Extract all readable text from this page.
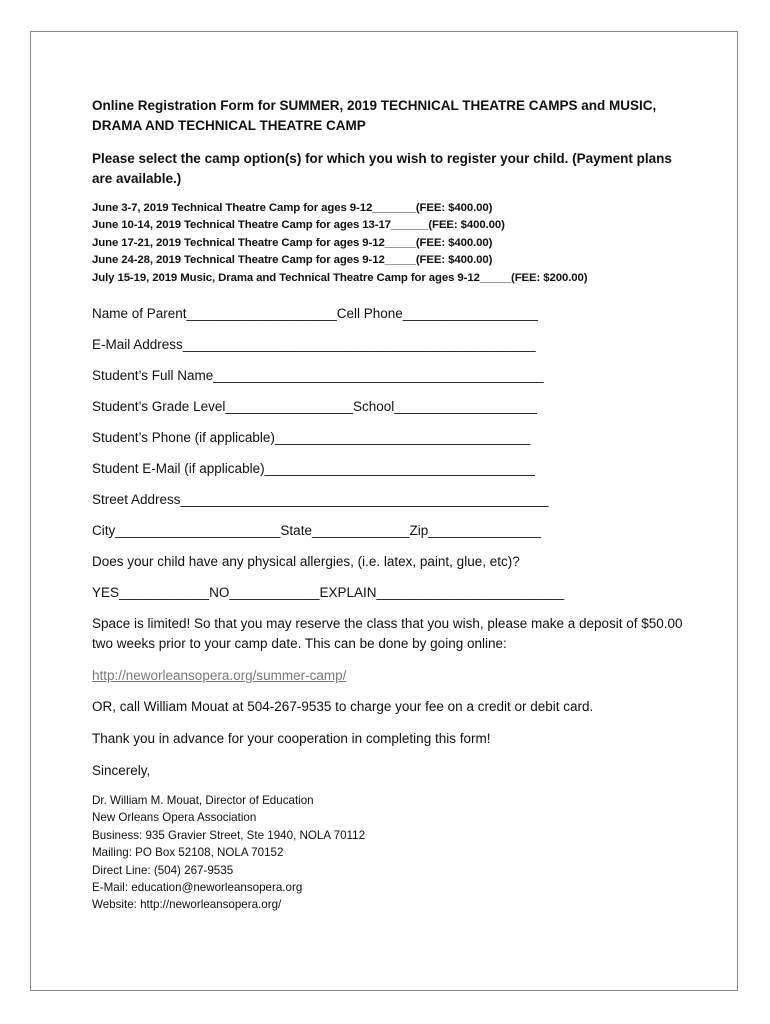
Online Registration Form for SUMMER, 2019 TECHNICAL THEATRE CAMPS and MUSIC,
DRAMA AND TECHNICAL THEATRE CAMP

Please select the camp option(s) for which you wish to register your child. (Payment plans are available.)

June 3-7, 2019 Technical Theatre Camp for ages 9-12_______(FEE: $400.00)
June 10-14, 2019 Technical Theatre Camp for ages 13-17______(FEE: $400.00)
June 17-21, 2019 Technical Theatre Camp for ages 9-12_____(FEE: $400.00)
June 24-28, 2019 Technical Theatre Camp for ages 9-12_____(FEE: $400.00)
July 15-19, 2019 Music, Drama and Technical Theatre Camp for ages 9-12_____(FEE: $200.00)

Name of Parent____________________Cell Phone__________________

E-Mail Address_______________________________________________

Student’s Full Name____________________________________________

Student’s Grade Level_________________School___________________

Student’s Phone (if applicable)__________________________________

Student E-Mail (if applicable)____________________________________

Street Address_________________________________________________

City______________________State_____________Zip_______________

Does your child have any physical allergies, (i.e. latex, paint, glue, etc)?

YES____________NO____________EXPLAIN_________________________

Space is limited! So that you may reserve the class that you wish, please make a deposit of $50.00 two weeks prior to your camp date. This can be done by going online:

http://neworleansopera.org/summer-camp/

OR, call William Mouat at 504-267-9535 to charge your fee on a credit or debit card.

Thank you in advance for your cooperation in completing this form!

Sincerely,

Dr. William M. Mouat, Director of Education
New Orleans Opera Association
Business: 935 Gravier Street, Ste 1940, NOLA 70112
Mailing: PO Box 52108, NOLA 70152
Direct Line: (504) 267-9535
E-Mail: education@neworleansopera.org
Website: http://neworleansopera.org/
